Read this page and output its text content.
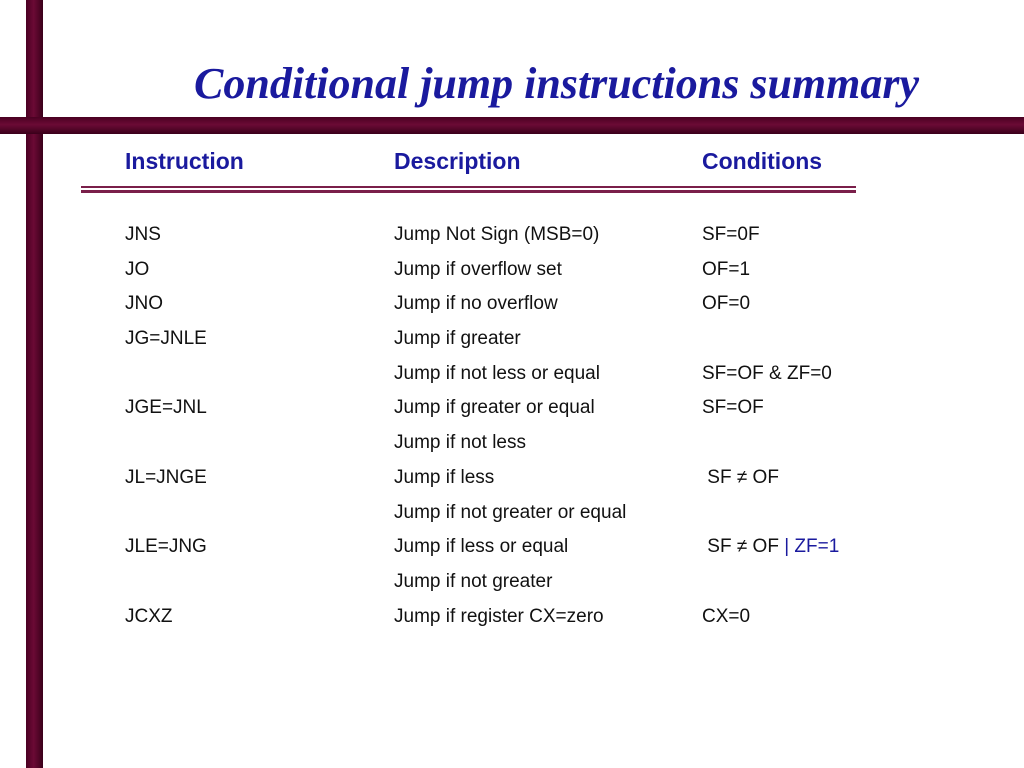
Conditional jump instructions summary
Instruction	Description	Conditions
JNS	Jump Not Sign (MSB=0)	SF=0F
JO	Jump if overflow set	OF=1
JNO	Jump if no overflow	OF=0
JG=JNLE	Jump if greater
Jump if not less or equal	SF=OF & ZF=0
JGE=JNL	Jump if greater or equal	SF=OF
Jump if not less
JL=JNGE	Jump if less	SF ≠ OF
Jump if not greater or equal
JLE=JNG	Jump if less or equal	SF ≠ OF | ZF=1
Jump if not greater
JCXZ	Jump if register CX=zero	CX=0
